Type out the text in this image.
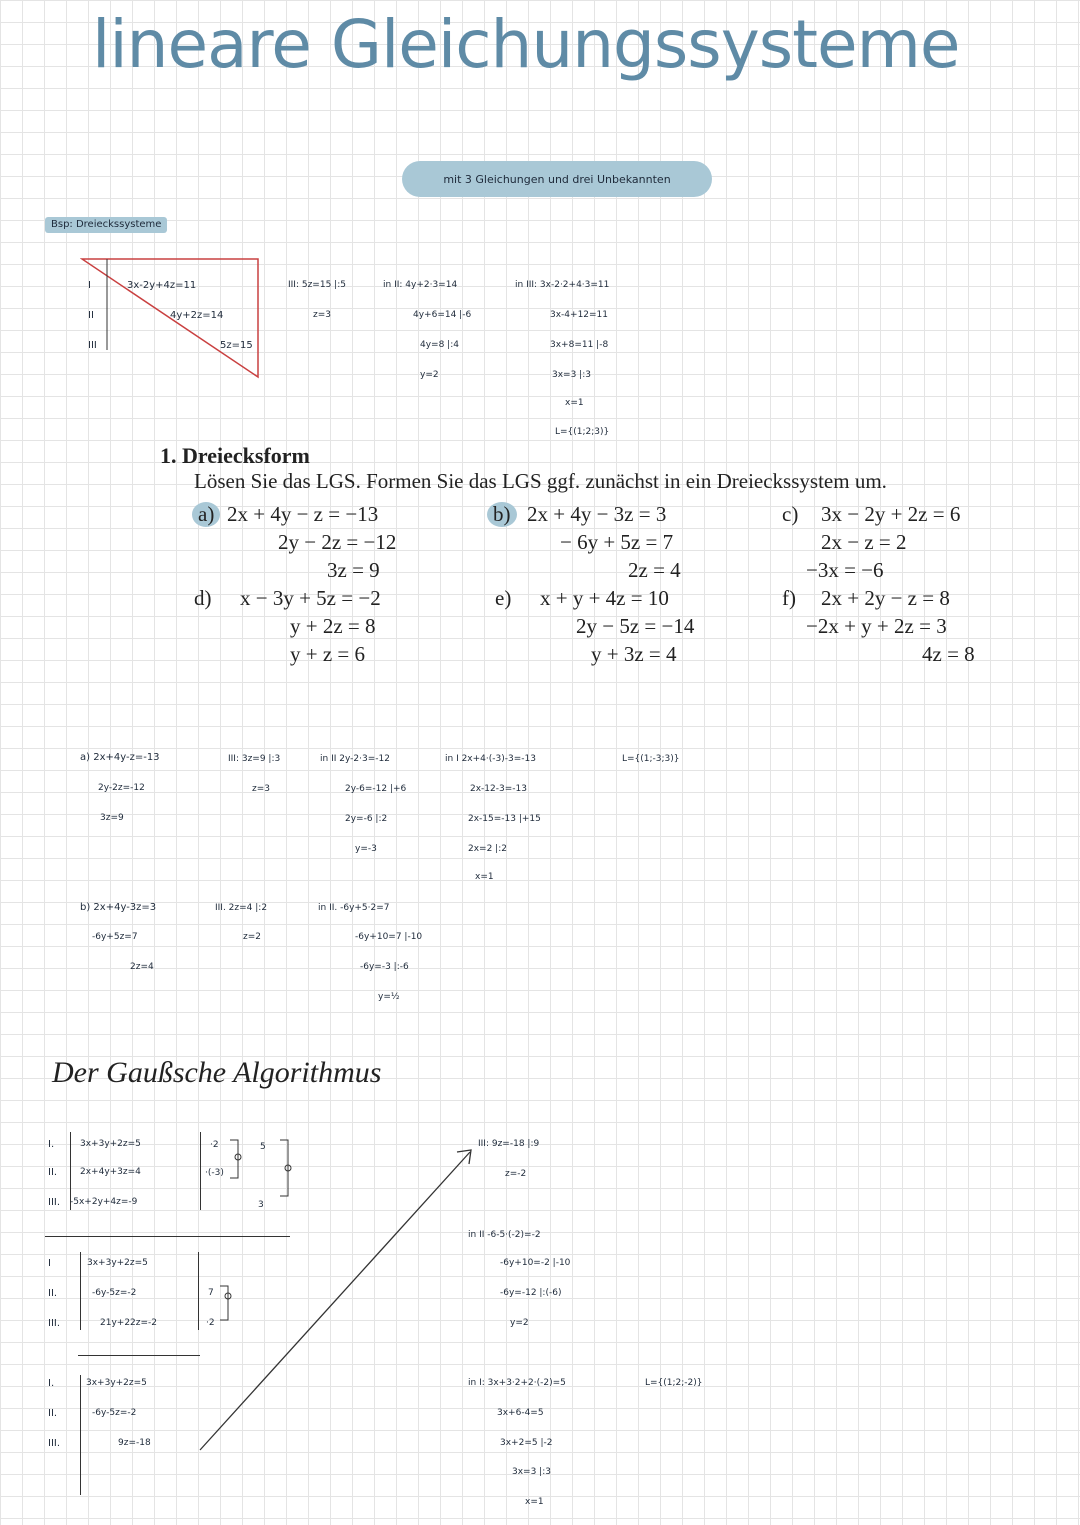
lineare Gleichungssysteme
mit 3 Gleichungen und drei Unbekannten
Bsp: Dreieckssysteme
I
II
III
3x-2y+4z=11
4y+2z=14
5z=15
III: 5z=15 |:5
z=3
in II: 4y+2·3=14
4y+6=14 |-6
4y=8 |:4
y=2
in III: 3x-2·2+4·3=11
3x-4+12=11
3x+8=11 |-8
3x=3 |:3
x=1
L={(1;2;3)}
1. Dreiecksform
Lösen Sie das LGS. Formen Sie das LGS ggf. zunächst in ein Dreieckssystem um.
a) 2x + 4y − z = −13
2y − 2z = −12
3z = 9
b) 2x + 4y − 3z = 3
− 6y + 5z = 7
2z = 4
c) 3x − 2y + 2z = 6
2x − z = 2
−3x = −6
d) x − 3y + 5z = −2
y + 2z = 8
y + z = 6
e) x + y + 4z = 10
2y − 5z = −14
y + 3z = 4
f) 2x + 2y − z = 8
−2x + y + 2z = 3
4z = 8
a) 2x+4y-z=-13
2y-2z=-12
3z=9
III: 3z=9 |:3
z=3
in II 2y-2·3=-12
2y-6=-12 |+6
2y=-6 |:2
y=-3
in I 2x+4·(-3)-3=-13
2x-12-3=-13
2x-15=-13 |+15
2x=2 |:2
x=1
L={(1;-3;3)}
b) 2x+4y-3z=3
-6y+5z=7
2z=4
III. 2z=4 |:2
z=2
in II. -6y+5·2=7
-6y+10=7 |-10
-6y=-3 |:-6
y=½
Der Gaußsche Algorithmus
I.
II.
III.
3x+3y+2z=5
2x+4y+3z=4
-5x+2y+4z=-9
·2
·(-3)
5
3
I
II.
III.
3x+3y+2z=5
-6y-5z=-2
21y+22z=-2
7
·2
I.
II.
III.
3x+3y+2z=5
-6y-5z=-2
9z=-18
III: 9z=-18 |:9
z=-2
in II -6-5·(-2)=-2
-6y+10=-2 |-10
-6y=-12 |:(-6)
y=2
in I: 3x+3·2+2·(-2)=5
3x+6-4=5
3x+2=5 |-2
3x=3 |:3
x=1
L={(1;2;-2)}
